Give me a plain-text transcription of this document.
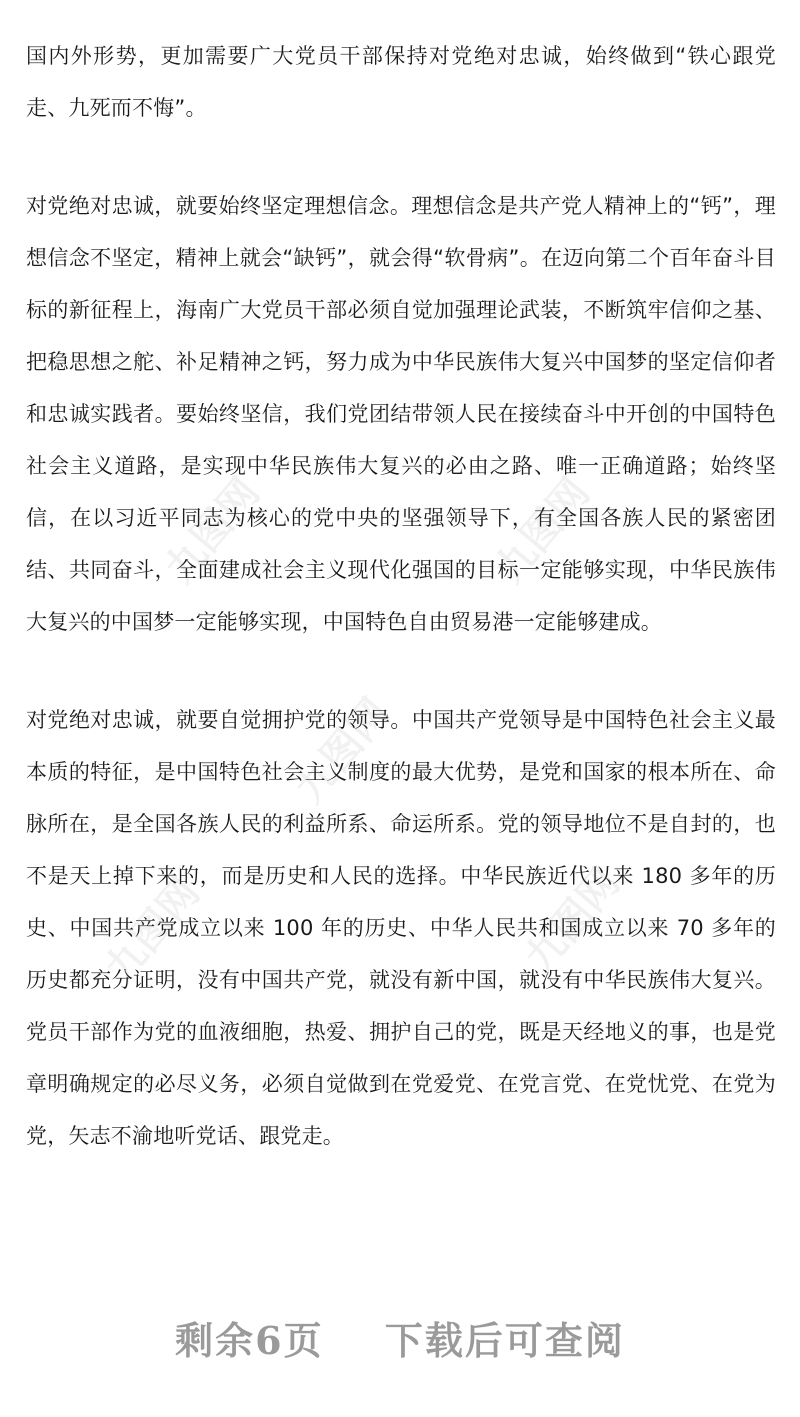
国内外形势，更加需要广大党员干部保持对党绝对忠诚，始终做到“铁心跟党走、九死而不悔”。

对党绝对忠诚，就要始终坚定理想信念。理想信念是共产党人精神上的“钙”，理想信念不坚定，精神上就会“缺钙”，就会得“软骨病”。在迈向第二个百年奋斗目标的新征程上，海南广大党员干部必须自觉加强理论武装，不断筑牢信仰之基、把稳思想之舵、补足精神之钙，努力成为中华民族伟大复兴中国梦的坚定信仰者和忠诚实践者。要始终坚信，我们党团结带领人民在接续奋斗中开创的中国特色社会主义道路，是实现中华民族伟大复兴的必由之路、唯一正确道路；始终坚信，在以习近平同志为核心的党中央的坚强领导下，有全国各族人民的紧密团结、共同奋斗，全面建成社会主义现代化强国的目标一定能够实现，中华民族伟大复兴的中国梦一定能够实现，中国特色自由贸易港一定能够建成。

对党绝对忠诚，就要自觉拥护党的领导。中国共产党领导是中国特色社会主义最本质的特征，是中国特色社会主义制度的最大优势，是党和国家的根本所在、命脉所在，是全国各族人民的利益所系、命运所系。党的领导地位不是自封的，也不是天上掉下来的，而是历史和人民的选择。中华民族近代以来 180 多年的历史、中国共产党成立以来 100 年的历史、中华人民共和国成立以来 70 多年的历史都充分证明，没有中国共产党，就没有新中国，就没有中华民族伟大复兴。党员干部作为党的血液细胞，热爱、拥护自己的党，既是天经地义的事，也是党章明确规定的必尽义务，必须自觉做到在党爱党、在党言党、在党忧党、在党为党，矢志不渝地听党话、跟党走。

九图网	九图网
九图网
九图网	九图网
剩余6页 下载后可查阅
